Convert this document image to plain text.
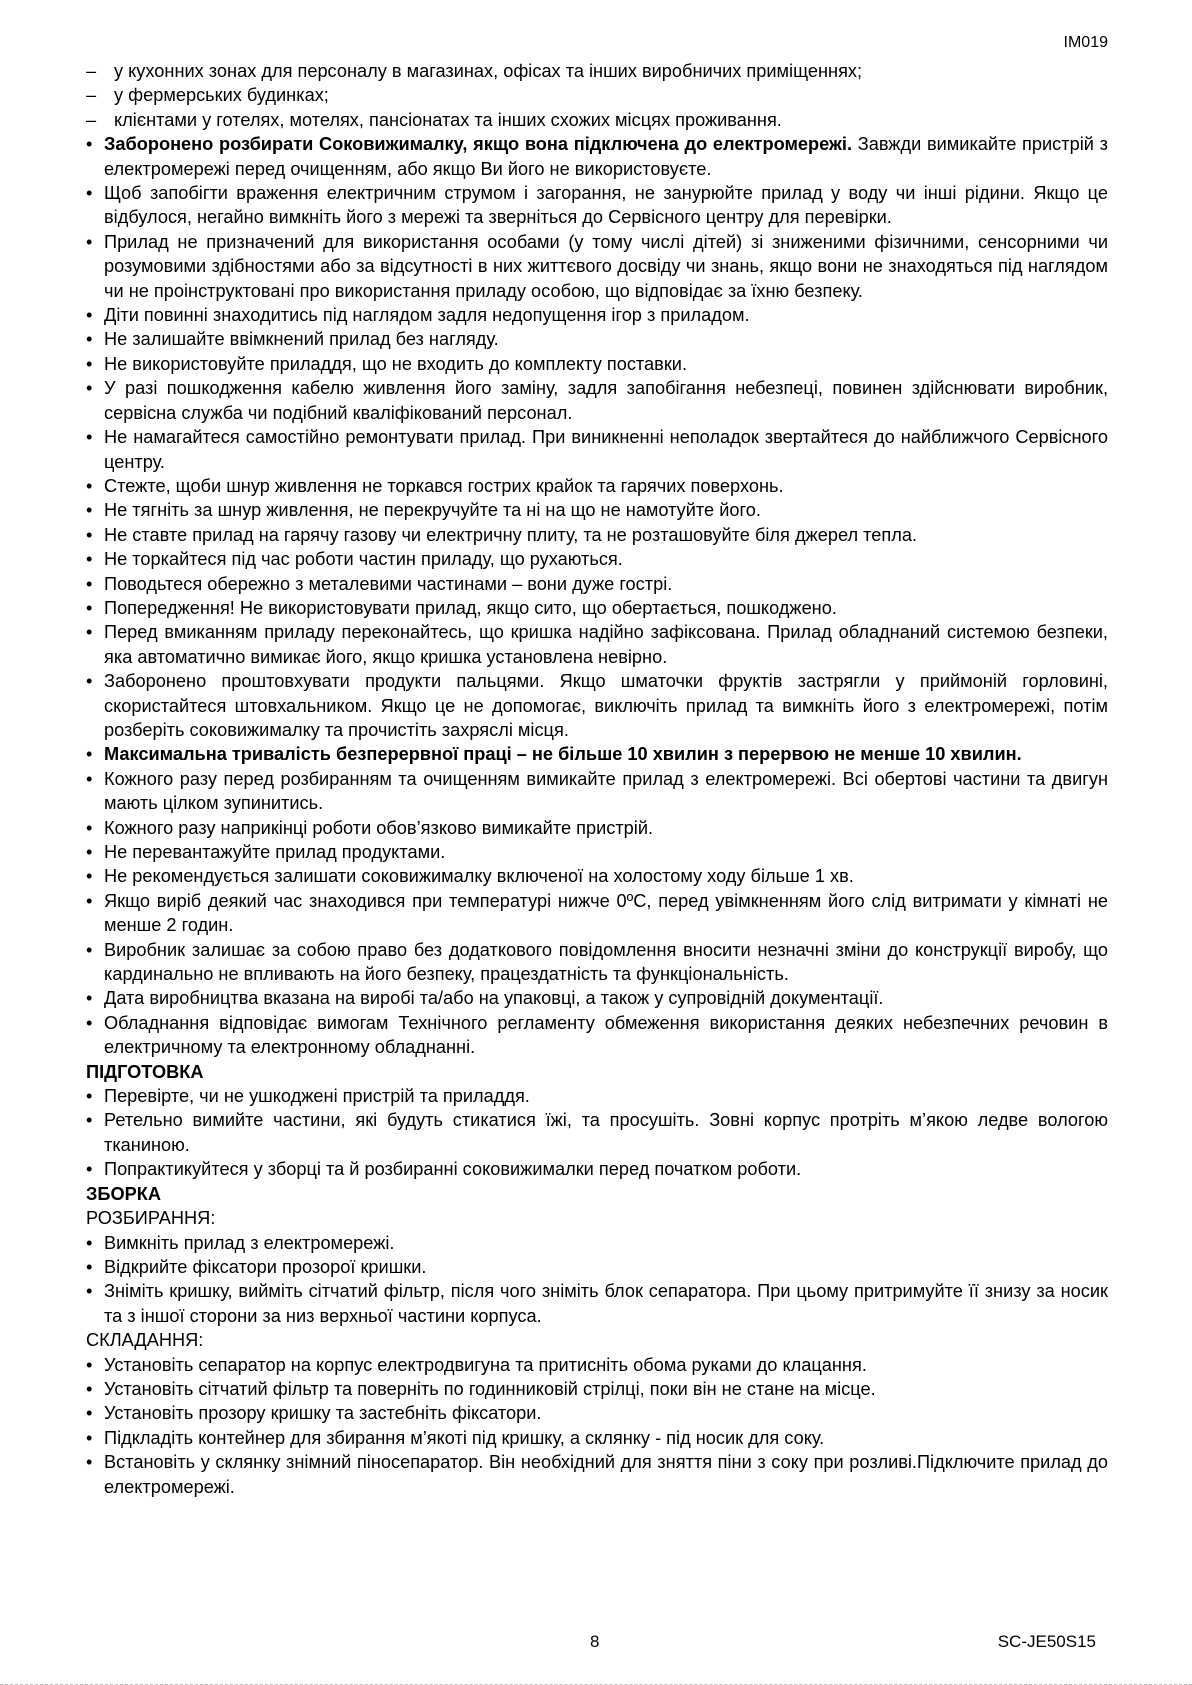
IM019
– у кухонних зонах для персоналу в магазинах, офісах та інших виробничих приміщеннях;
– у фермерських будинках;
– клієнтами у готелях, мотелях, пансіонатах та інших схожих місцях проживання.
• Заборонено розбирати Соковижималку, якщо вона підключена до електромережі. Завжди вимикайте пристрій з електромережі перед очищенням, або якщо Ви його не використовуєте.
• Щоб запобігти враження електричним струмом і загорання, не занурюйте прилад у воду чи інші рідини. Якщо це відбулося, негайно вимкніть його з мережі та зверніться до Сервісного центру для перевірки.
• Прилад не призначений для використання особами (у тому числі дітей) зі зниженими фізичними, сенсорними чи розумовими здібностями або за відсутності в них життєвого досвіду чи знань, якщо вони не знаходяться під наглядом чи не проінструктовані про використання приладу особою, що відповідає за їхню безпеку.
• Діти повинні знаходитись під наглядом задля недопущення ігор з приладом.
• Не залишайте ввімкнений прилад без нагляду.
• Не використовуйте приладдя, що не входить до комплекту поставки.
• У разі пошкодження кабелю живлення його заміну, задля запобігання небезпеці, повинен здійснювати виробник, сервісна служба чи подібний кваліфікований персонал.
• Не намагайтеся самостійно ремонтувати прилад. При виникненні неполадок звертайтеся до найближчого Сервісного центру.
• Стежте, щоби шнур живлення не торкався гострих крайок та гарячих поверхонь.
• Не тягніть за шнур живлення, не перекручуйте та ні на що не намотуйте його.
• Не ставте прилад на гарячу газову чи електричну плиту, та не розташовуйте біля джерел тепла.
• Не торкайтеся під час роботи частин приладу, що рухаються.
• Поводьтеся обережно з металевими частинами – вони дуже гострі.
• Попередження! Не використовувати прилад, якщо сито, що обертається, пошкоджено.
• Перед вмиканням приладу переконайтесь, що кришка надійно зафіксована. Прилад обладнаний системою безпеки, яка автоматично вимикає його, якщо кришка установлена невірно.
• Заборонено проштовхувати продукти пальцями. Якщо шматочки фруктів застрягли у приймоній горловині, скористайтеся штовхальником. Якщо це не допомогає, виключіть прилад та вимкніть його з електромережі, потім розберіть соковижималку та прочистіть захряслі місця.
• Максимальна тривалість безперервної праці – не більше 10 хвилин з перервою не менше 10 хвилин.
• Кожного разу перед розбиранням та очищенням вимикайте прилад з електромережі. Всі обертові частини та двигун мають цілком зупинитись.
• Кожного разу наприкінці роботи обов’язково вимикайте пристрій.
• Не перевантажуйте прилад продуктами.
• Не рекомендується залишати соковижималку включеної на холостому ходу більше 1 хв.
• Якщо виріб деякий час знаходився при температурі нижче 0ºC, перед увімкненням його слід витримати у кімнаті не менше 2 годин.
• Виробник залишає за собою право без додаткового повідомлення вносити незначні зміни до конструкції виробу, що кардинально не впливають на його безпеку, працездатність та функціональність.
• Дата виробництва вказана на виробі та/або на упаковці, а також у супровідній документації.
• Обладнання відповідає вимогам Технічного регламенту обмеження використання деяких небезпечних речовин в електричному та електронному обладнанні.
ПІДГОТОВКА
• Перевірте, чи не ушкоджені пристрій та приладдя.
• Ретельно вимийте частини, які будуть стикатися їжі, та просушіть. Зовні корпус протріть м’якою ледве вологою тканиною.
• Попрактикуйтеся у зборці та й розбиранні соковижималки перед початком роботи.
ЗБОРКА
РОЗБИРАННЯ:
• Вимкніть прилад з електромережі.
• Відкрийте фіксатори прозорої кришки.
• Зніміть кришку, вийміть сітчатий фільтр, після чого зніміть блок сепаратора. При цьому притримуйте її знизу за носик та з іншої сторони за низ верхньої частини корпуса.
СКЛАДАННЯ:
• Установіть сепаратор на корпус електродвигуна та притисніть обома руками до клацання.
• Установіть сітчатий фільтр та поверніть по годинниковій стрілці, поки він не стане на місце.
• Установіть прозору кришку та застебніть фіксатори.
• Підкладіть контейнер для збирання м’якоті під кришку, а склянку - під носик для соку.
• Встановіть у склянку знімний піносепаратор. Він необхідний для зняття піни з соку при розливі.Підключите прилад до електромережі.
8	SC-JE50S15
